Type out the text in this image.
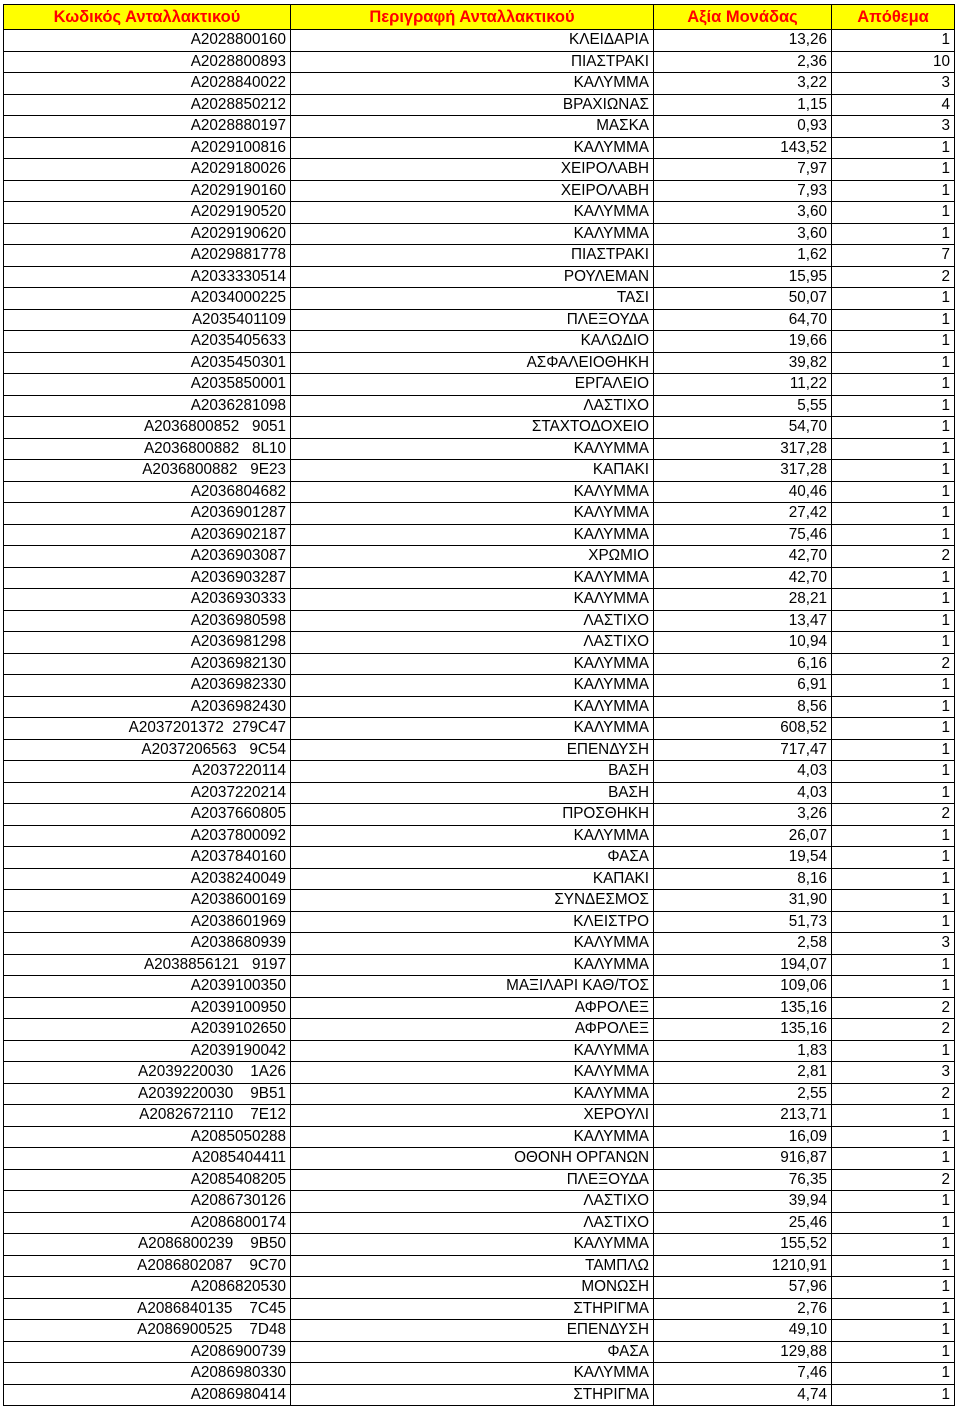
Κωδικός Ανταλλακτικού	Περιγραφή Ανταλλακτικού	Αξία Μονάδας	Απόθεμα
A2028800160	ΚΛΕΙΔΑΡΙΑ	13,26	1
A2028800893	ΠΙΑΣΤΡΑΚΙ	2,36	10
A2028840022	ΚΑΛΥΜΜΑ	3,22	3
A2028850212	ΒΡΑΧΙΩΝΑΣ	1,15	4
A2028880197	ΜΑΣΚΑ	0,93	3
A2029100816	ΚΑΛΥΜΜΑ	143,52	1
A2029180026	ΧΕΙΡΟΛΑΒΗ	7,97	1
A2029190160	ΧΕΙΡΟΛΑΒΗ	7,93	1
A2029190520	ΚΑΛΥΜΜΑ	3,60	1
A2029190620	ΚΑΛΥΜΜΑ	3,60	1
A2029881778	ΠΙΑΣΤΡΑΚΙ	1,62	7
A2033330514	ΡΟΥΛΕΜΑΝ	15,95	2
A2034000225	ΤΑΣΙ	50,07	1
A2035401109	ΠΛΕΞΟΥΔΑ	64,70	1
A2035405633	ΚΑΛΩΔΙΟ	19,66	1
A2035450301	ΑΣΦΑΛΕΙΟΘΗΚΗ	39,82	1
A2035850001	ΕΡΓΑΛΕΙΟ	11,22	1
A2036281098	ΛΑΣΤΙΧΟ	5,55	1
A2036800852   9051	ΣΤΑΧΤΟΔΟΧΕΙΟ	54,70	1
A2036800882   8L10	ΚΑΛΥΜΜΑ	317,28	1
A2036800882   9E23	ΚΑΠΑΚΙ	317,28	1
A2036804682	ΚΑΛΥΜΜΑ	40,46	1
A2036901287	ΚΑΛΥΜΜΑ	27,42	1
A2036902187	ΚΑΛΥΜΜΑ	75,46	1
A2036903087	ΧΡΩΜΙΟ	42,70	2
A2036903287	ΚΑΛΥΜΜΑ	42,70	1
A2036930333	ΚΑΛΥΜΜΑ	28,21	1
A2036980598	ΛΑΣΤΙΧΟ	13,47	1
A2036981298	ΛΑΣΤΙΧΟ	10,94	1
A2036982130	ΚΑΛΥΜΜΑ	6,16	2
A2036982330	ΚΑΛΥΜΜΑ	6,91	1
A2036982430	ΚΑΛΥΜΜΑ	8,56	1
A2037201372  279C47	ΚΑΛΥΜΜΑ	608,52	1
A2037206563   9C54	ΕΠΕΝΔΥΣΗ	717,47	1
A2037220114	ΒΑΣΗ	4,03	1
A2037220214	ΒΑΣΗ	4,03	1
A2037660805	ΠΡΟΣΘΗΚΗ	3,26	2
A2037800092	ΚΑΛΥΜΜΑ	26,07	1
A2037840160	ΦΑΣΑ	19,54	1
A2038240049	ΚΑΠΑΚΙ	8,16	1
A2038600169	ΣΥΝΔΕΣΜΟΣ	31,90	1
A2038601969	ΚΛΕΙΣΤΡΟ	51,73	1
A2038680939	ΚΑΛΥΜΜΑ	2,58	3
A2038856121   9197	ΚΑΛΥΜΜΑ	194,07	1
A2039100350	ΜΑΞΙΛΑΡΙ ΚΑΘ/ΤΟΣ	109,06	1
A2039100950	ΑΦΡΟΛΕΞ	135,16	2
A2039102650	ΑΦΡΟΛΕΞ	135,16	2
A2039190042	ΚΑΛΥΜΜΑ	1,83	1
A2039220030    1A26	ΚΑΛΥΜΜΑ	2,81	3
A2039220030    9B51	ΚΑΛΥΜΜΑ	2,55	2
A2082672110    7E12	ΧΕΡΟΥΛΙ	213,71	1
A2085050288	ΚΑΛΥΜΜΑ	16,09	1
A2085404411	ΟΘΟΝΗ ΟΡΓΑΝΩΝ	916,87	1
A2085408205	ΠΛΕΞΟΥΔΑ	76,35	2
A2086730126	ΛΑΣΤΙΧΟ	39,94	1
A2086800174	ΛΑΣΤΙΧΟ	25,46	1
A2086800239    9B50	ΚΑΛΥΜΜΑ	155,52	1
A2086802087    9C70	ΤΑΜΠΛΩ	1210,91	1
A2086820530	ΜΟΝΩΣΗ	57,96	1
A2086840135    7C45	ΣΤΗΡΙΓΜΑ	2,76	1
A2086900525    7D48	ΕΠΕΝΔΥΣΗ	49,10	1
A2086900739	ΦΑΣΑ	129,88	1
A2086980330	ΚΑΛΥΜΜΑ	7,46	1
A2086980414	ΣΤΗΡΙΓΜΑ	4,74	1
